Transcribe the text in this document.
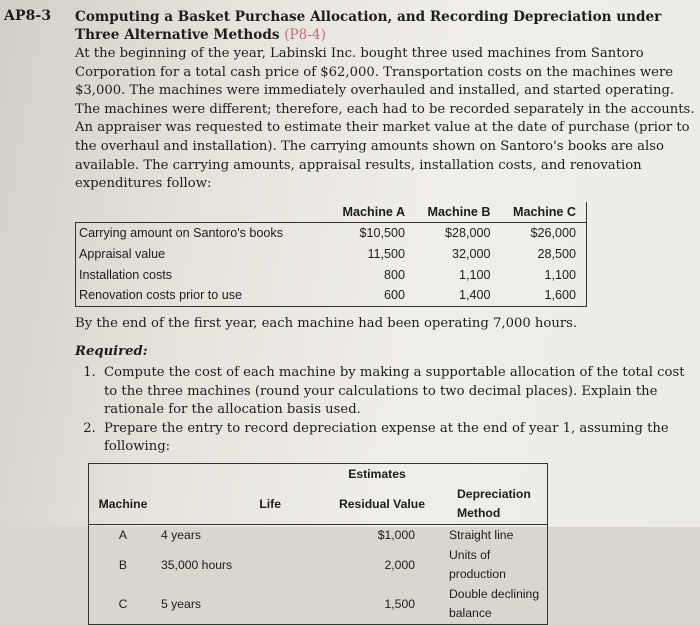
AP8-3 Computing a Basket Purchase Allocation, and Recording Depreciation under Three Alternative Methods (P8-4)
At the beginning of the year, Labinski Inc. bought three used machines from Santoro Corporation for a total cash price of $62,000. Transportation costs on the machines were $3,000. The machines were immediately overhauled and installed, and started operating. The machines were different; therefore, each had to be recorded separately in the accounts. An appraiser was requested to estimate their market value at the date of purchase (prior to the overhaul and installation). The carrying amounts shown on Santoro's books are also available. The carrying amounts, appraisal results, installation costs, and renovation expenditures follow:
	Machine A	Machine B	Machine C
Carrying amount on Santoro's books	$10,500	$28,000	$26,000
Appraisal value	11,500	32,000	28,500
Installation costs	800	1,100	1,100
Renovation costs prior to use	600	1,400	1,600
By the end of the first year, each machine had been operating 7,000 hours.
Required:
1. Compute the cost of each machine by making a supportable allocation of the total cost to the three machines (round your calculations to two decimal places). Explain the rationale for the allocation basis used.
2. Prepare the entry to record depreciation expense at the end of year 1, assuming the following:
		Estimates	
Machine	Life	Residual Value	Depreciation Method
A	4 years	$1,000	Straight line
B	35,000 hours	2,000	Units of production
C	5 years	1,500	Double declining balance
